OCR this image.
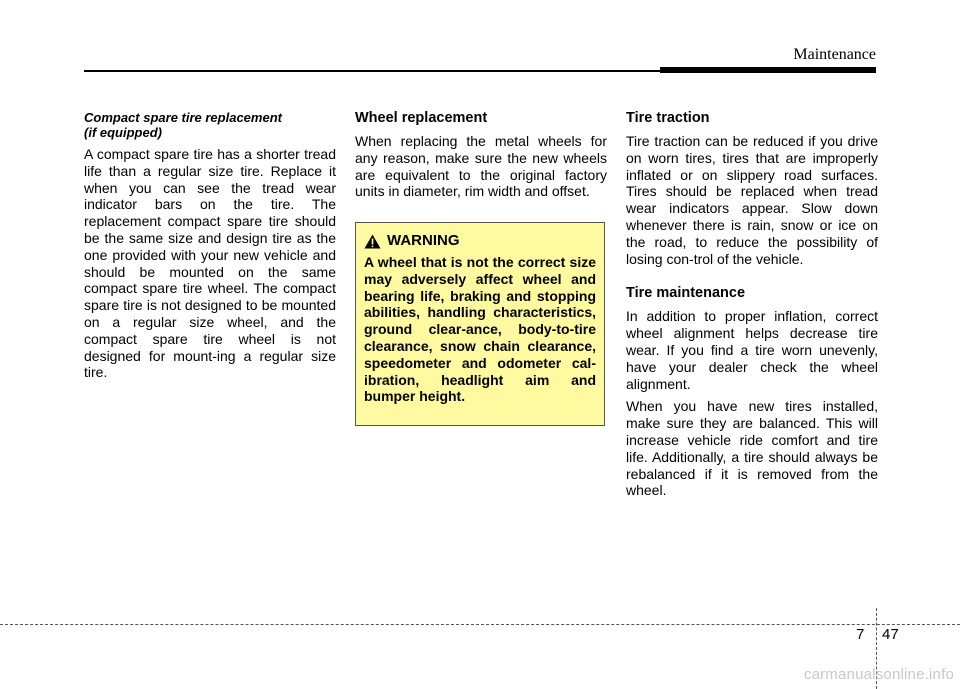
Maintenance
Compact spare tire replacement
(if equipped)

A compact spare tire has a shorter tread life than a regular size tire. Replace it when you can see the tread wear indicator bars on the tire. The replacement compact spare tire should be the same size and design tire as the one provided with your new vehicle and should be mounted on the same compact spare tire wheel. The compact spare tire is not designed to be mounted on a regular size wheel, and the compact spare tire wheel is not designed for mount-ing a regular size tire.

Wheel replacement

When replacing the metal wheels for any reason, make sure the new wheels are equivalent to the original factory units in diameter, rim width and offset.

WARNING

A wheel that is not the correct size may adversely affect wheel and bearing life, braking and stopping abilities, handling characteristics, ground clear-ance, body-to-tire clearance, snow chain clearance, speedometer and odometer cal-ibration, headlight aim and bumper height.

Tire traction

Tire traction can be reduced if you drive on worn tires, tires that are improperly inflated or on slippery road surfaces. Tires should be replaced when tread wear indicators appear. Slow down whenever there is rain, snow or ice on the road, to reduce the possibility of losing con-trol of the vehicle.

Tire maintenance

In addition to proper inflation, correct wheel alignment helps decrease tire wear. If you find a tire worn unevenly, have your dealer check the wheel alignment.

When you have new tires installed, make sure they are balanced. This will increase vehicle ride comfort and tire life. Additionally, a tire should always be rebalanced if it is removed from the wheel.

7 47
carmanualsonline.info
